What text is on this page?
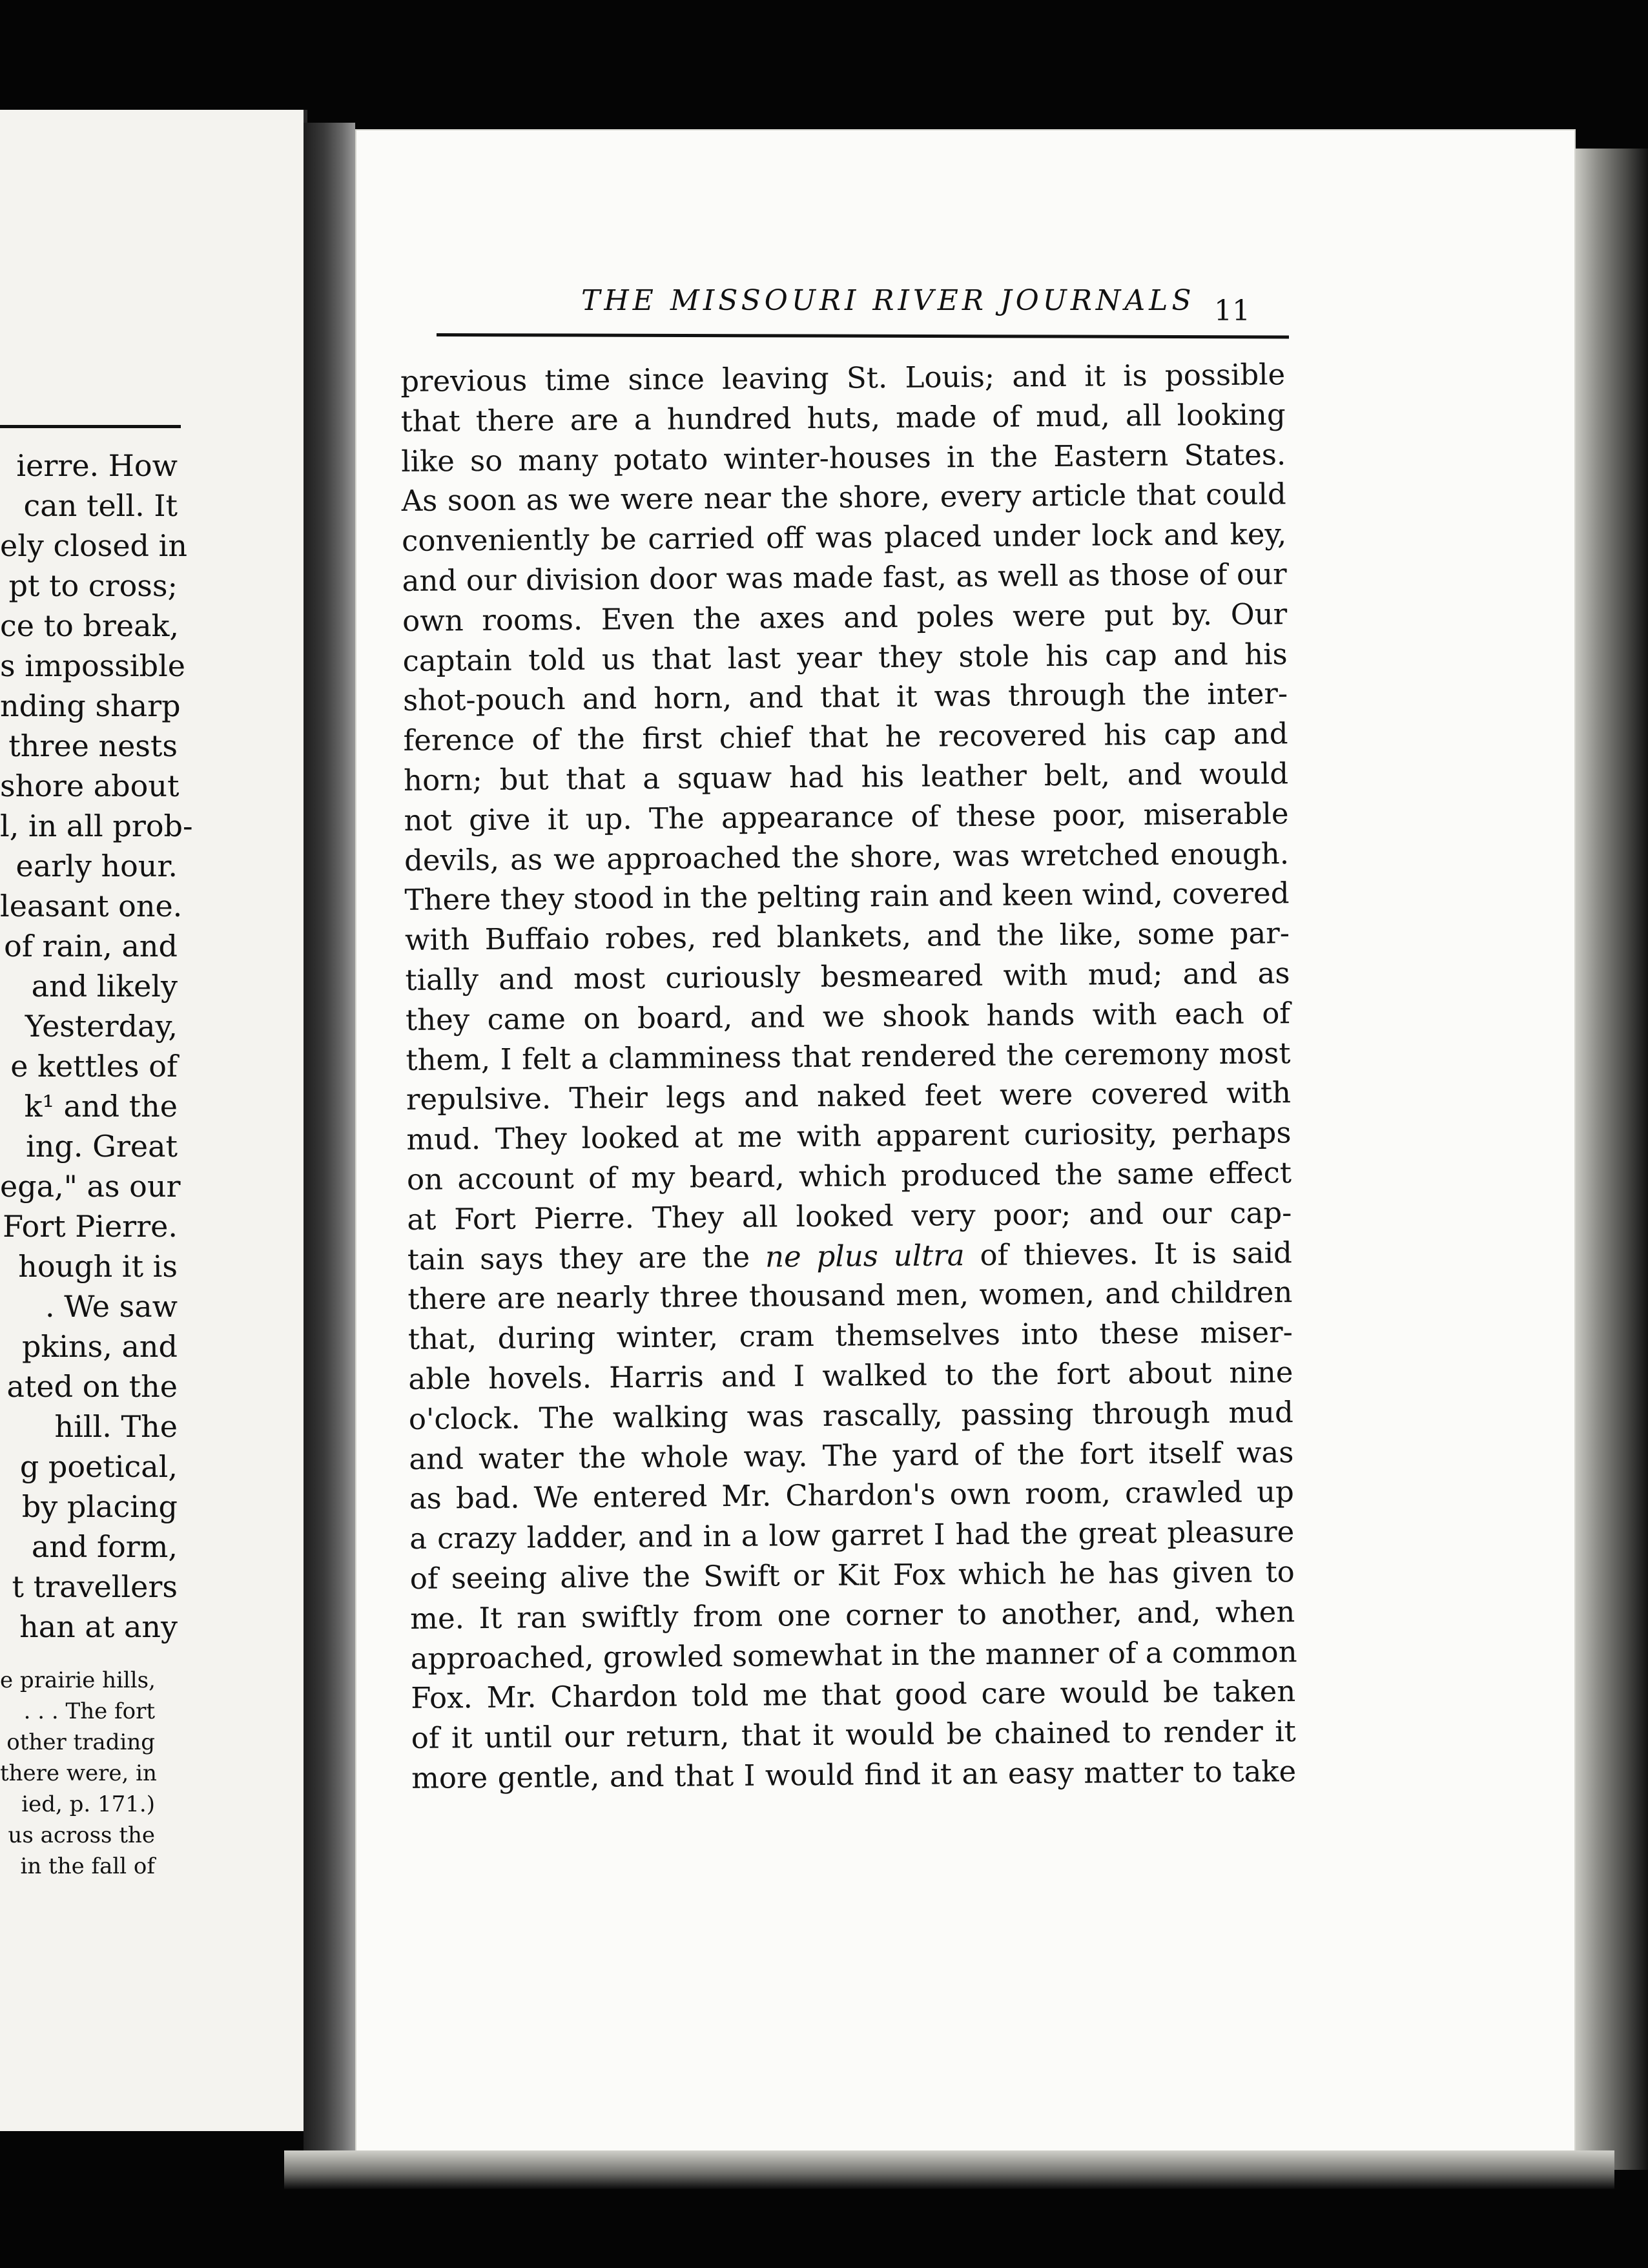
ierre. How
can tell. It
ely closed in
pt to cross;
ce to break,
s impossible
nding sharp
three nests
shore about
l, in all prob-
early hour.
leasant one.
of rain, and
and likely
Yesterday,
e kettles of
k¹ and the
ing. Great
ega," as our
Fort Pierre.
hough it is
. We saw
pkins, and
ated on the
hill. The
g poetical,
by placing
and form,
t travellers
han at any
e prairie hills,
. . . The fort
other trading
there were, in
ied, p. 171.)
us across the
in the fall of
THE MISSOURI RIVER JOURNALS 11
previous time since leaving St. Louis; and it is possible
that there are a hundred huts, made of mud, all looking
like so many potato winter-houses in the Eastern States.
As soon as we were near the shore, every article that could
conveniently be carried off was placed under lock and key,
and our division door was made fast, as well as those of our
own rooms. Even the axes and poles were put by. Our
captain told us that last year they stole his cap and his
shot-pouch and horn, and that it was through the inter-
ference of the first chief that he recovered his cap and
horn; but that a squaw had his leather belt, and would
not give it up. The appearance of these poor, miserable
devils, as we approached the shore, was wretched enough.
There they stood in the pelting rain and keen wind, covered
with Buffaio robes, red blankets, and the like, some par-
tially and most curiously besmeared with mud; and as
they came on board, and we shook hands with each of
them, I felt a clamminess that rendered the ceremony most
repulsive. Their legs and naked feet were covered with
mud. They looked at me with apparent curiosity, perhaps
on account of my beard, which produced the same effect
at Fort Pierre. They all looked very poor; and our cap-
tain says they are the ne plus ultra of thieves. It is said
there are nearly three thousand men, women, and children
that, during winter, cram themselves into these miser-
able hovels. Harris and I walked to the fort about nine
o'clock. The walking was rascally, passing through mud
and water the whole way. The yard of the fort itself was
as bad. We entered Mr. Chardon's own room, crawled up
a crazy ladder, and in a low garret I had the great pleasure
of seeing alive the Swift or Kit Fox which he has given to
me. It ran swiftly from one corner to another, and, when
approached, growled somewhat in the manner of a common
Fox. Mr. Chardon told me that good care would be taken
of it until our return, that it would be chained to render it
more gentle, and that I would find it an easy matter to take
